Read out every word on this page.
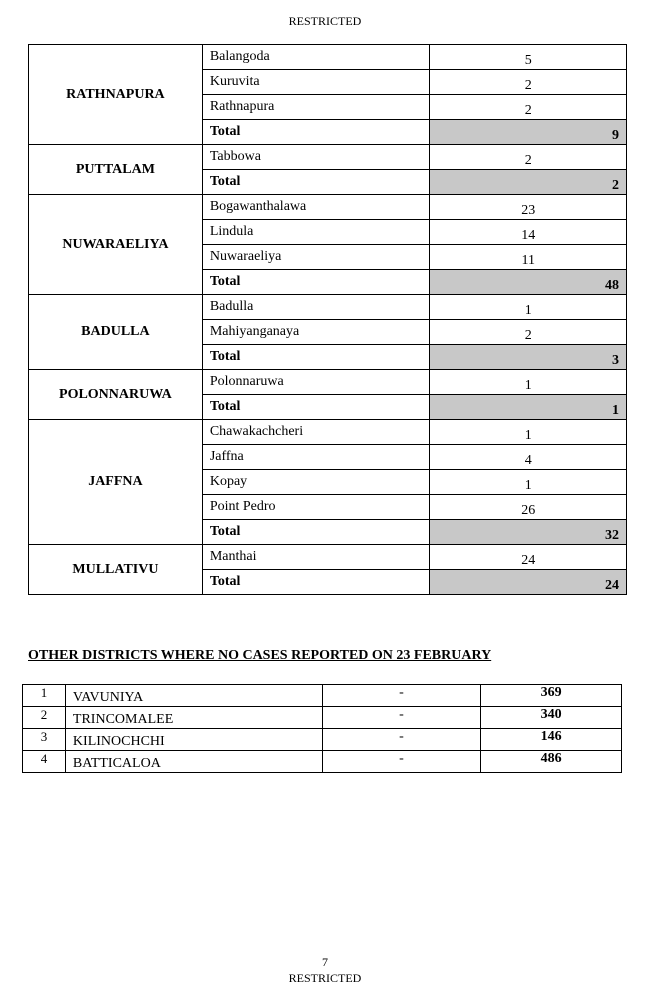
RESTRICTED
RATHNAPURA	Balangoda	5
	Kuruvita	2
	Rathnapura	2
	Total	9
PUTTALAM	Tabbowa	2
	Total	2
NUWARAELIYA	Bogawanthalawa	23
	Lindula	14
	Nuwaraeliya	11
	Total	48
BADULLA	Badulla	1
	Mahiyanganaya	2
	Total	3
POLONNARUWA	Polonnaruwa	1
	Total	1
JAFFNA	Chawakachcheri	1
	Jaffna	4
	Kopay	1
	Point Pedro	26
	Total	32
MULLATIVU	Manthai	24
	Total	24
OTHER DISTRICTS WHERE NO CASES REPORTED ON 23 FEBRUARY
1	VAVUNIYA	-	369
2	TRINCOMALEE	-	340
3	KILINOCHCHI	-	146
4	BATTICALOA	-	486
7
RESTRICTED
